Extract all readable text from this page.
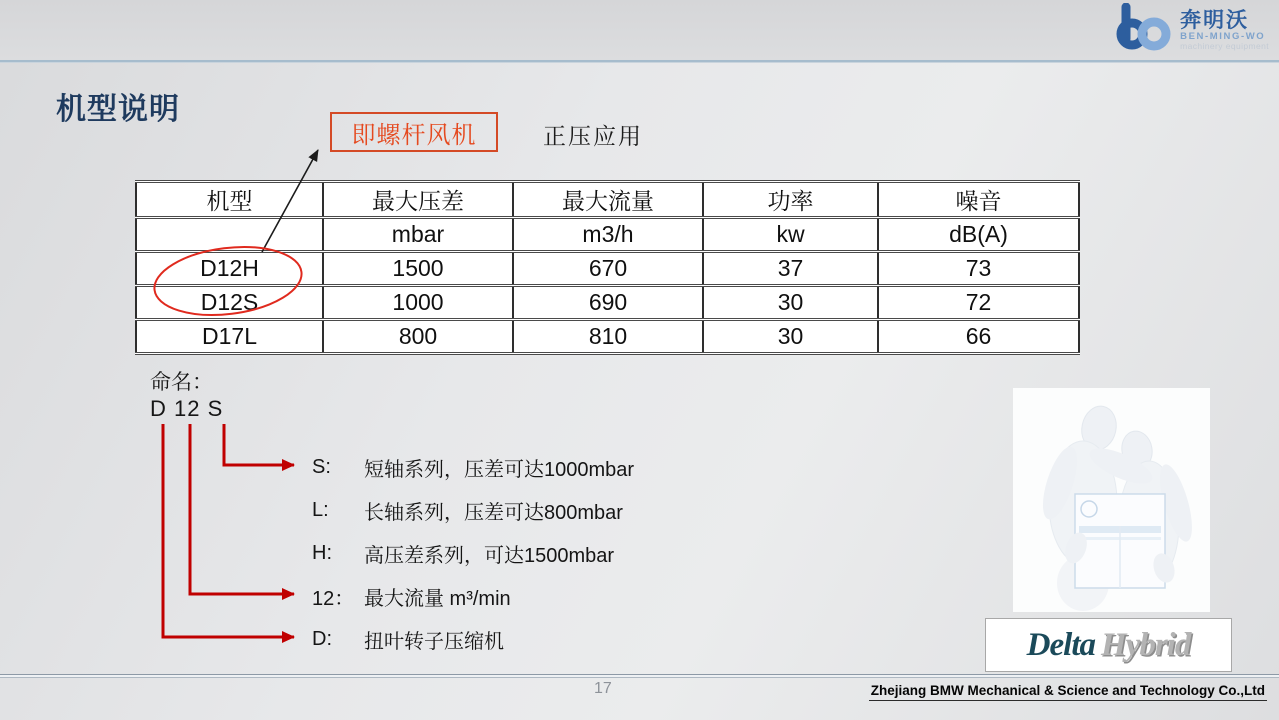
奔明沃
BEN-MING-WO
machinery equipment
机型说明
即螺杆风机	正压应用
机型	最大压差	最大流量	功率	噪音
	mbar	m3/h	kw	dB(A)
D12H	1500	670	37	73
D12S	1000	690	30	72
D17L	800	810	30	66
命名：
D 12 S
S:	短轴系列，压差可达1000mbar
L:	长轴系列，压差可达800mbar
H:	高压差系列，可达1500mbar
12： 最大流量 m³/min
D:	扭叶转子压缩机	Delta Hybrid
17	Zhejiang BMW Mechanical & Science and Technology Co.,Ltd
